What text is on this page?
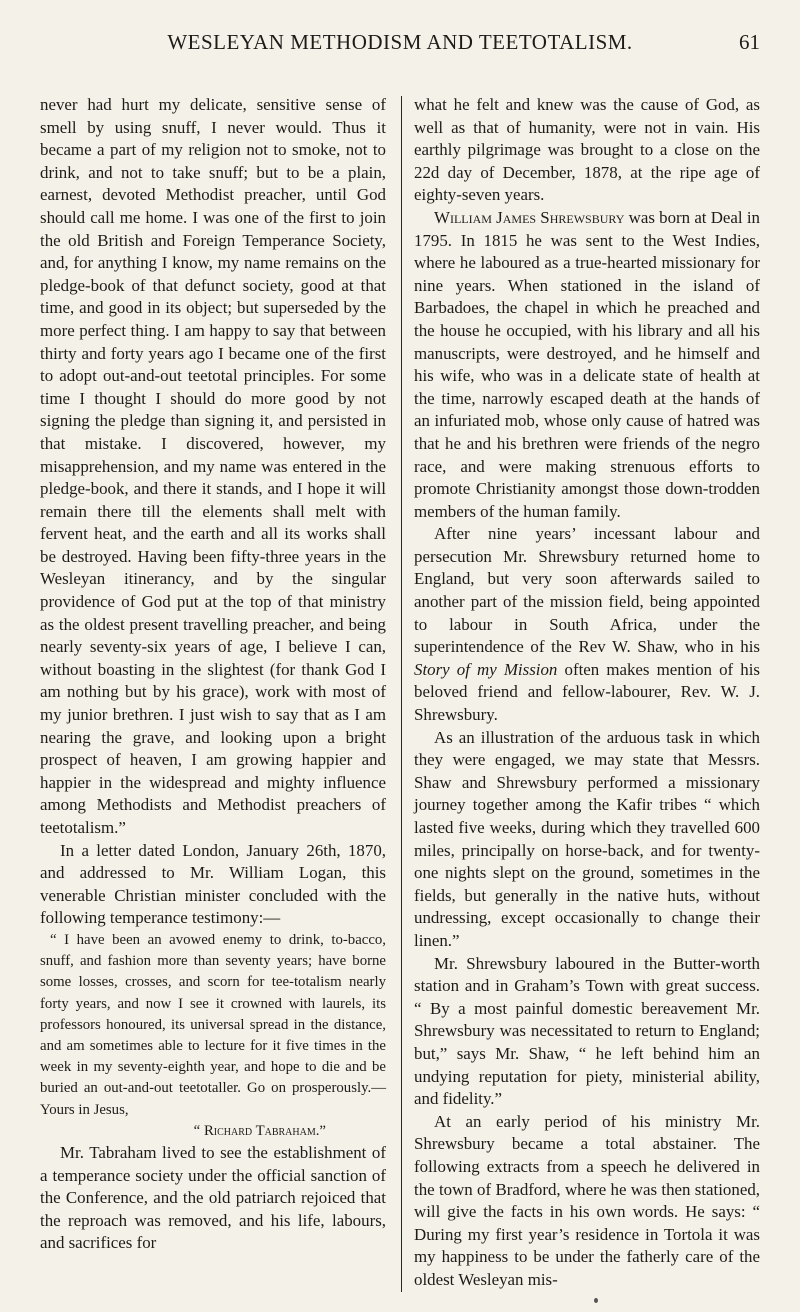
WESLEYAN METHODISM AND TEETOTALISM.	61

never had hurt my delicate, sensitive sense of smell by using snuff, I never would. Thus it became a part of my religion not to smoke, not to drink, and not to take snuff; but to be a plain, earnest, devoted Methodist preacher, until God should call me home. I was one of the first to join the old British and Foreign Temperance Society, and, for anything I know, my name remains on the pledge-book of that defunct society, good at that time, and good in its object; but superseded by the more perfect thing. I am happy to say that between thirty and forty years ago I became one of the first to adopt out-and-out teetotal principles. For some time I thought I should do more good by not signing the pledge than signing it, and persisted in that mistake. I discovered, however, my misapprehension, and my name was entered in the pledge-book, and there it stands, and I hope it will remain there till the elements shall melt with fervent heat, and the earth and all its works shall be destroyed. Having been fifty-three years in the Wesleyan itinerancy, and by the singular providence of God put at the top of that ministry as the oldest present travelling preacher, and being nearly seventy-six years of age, I believe I can, without boasting in the slightest (for thank God I am nothing but by his grace), work with most of my junior brethren. I just wish to say that as I am nearing the grave, and looking upon a bright prospect of heaven, I am growing happier and happier in the widespread and mighty influence among Methodists and Methodist preachers of teetotalism.”

In a letter dated London, January 26th, 1870, and addressed to Mr. William Logan, this venerable Christian minister concluded with the following temperance testimony:—

“ I have been an avowed enemy to drink, to-bacco, snuff, and fashion more than seventy years; have borne some losses, crosses, and scorn for tee-totalism nearly forty years, and now I see it crowned with laurels, its professors honoured, its universal spread in the distance, and am sometimes able to lecture for it five times in the week in my seventy-eighth year, and hope to die and be buried an out-and-out teetotaller. Go on prosperously.—Yours in Jesus,

“ Richard Tabraham.”

Mr. Tabraham lived to see the establishment of a temperance society under the official sanction of the Conference, and the old patriarch rejoiced that the reproach was removed, and his life, labours, and sacrifices for

what he felt and knew was the cause of God, as well as that of humanity, were not in vain. His earthly pilgrimage was brought to a close on the 22d day of December, 1878, at the ripe age of eighty-seven years.

William James Shrewsbury was born at Deal in 1795. In 1815 he was sent to the West Indies, where he laboured as a true-hearted missionary for nine years. When stationed in the island of Barbadoes, the chapel in which he preached and the house he occupied, with his library and all his manuscripts, were destroyed, and he himself and his wife, who was in a delicate state of health at the time, narrowly escaped death at the hands of an infuriated mob, whose only cause of hatred was that he and his brethren were friends of the negro race, and were making strenuous efforts to promote Christianity amongst those down-trodden members of the human family.

After nine years’ incessant labour and persecution Mr. Shrewsbury returned home to England, but very soon afterwards sailed to another part of the mission field, being appointed to labour in South Africa, under the superintendence of the Rev W. Shaw, who in his Story of my Mission often makes mention of his beloved friend and fellow-labourer, Rev. W. J. Shrewsbury.

As an illustration of the arduous task in which they were engaged, we may state that Messrs. Shaw and Shrewsbury performed a missionary journey together among the Kafir tribes “ which lasted five weeks, during which they travelled 600 miles, principally on horse-back, and for twenty-one nights slept on the ground, sometimes in the fields, but generally in the native huts, without undressing, except occasionally to change their linen.”

Mr. Shrewsbury laboured in the Butter-worth station and in Graham’s Town with great success. “ By a most painful domestic bereavement Mr. Shrewsbury was necessitated to return to England; but,” says Mr. Shaw, “ he left behind him an undying reputation for piety, ministerial ability, and fidelity.”

At an early period of his ministry Mr. Shrewsbury became a total abstainer. The following extracts from a speech he delivered in the town of Bradford, where he was then stationed, will give the facts in his own words. He says: “ During my first year’s residence in Tortola it was my happiness to be under the fatherly care of the oldest Wesleyan mis-
